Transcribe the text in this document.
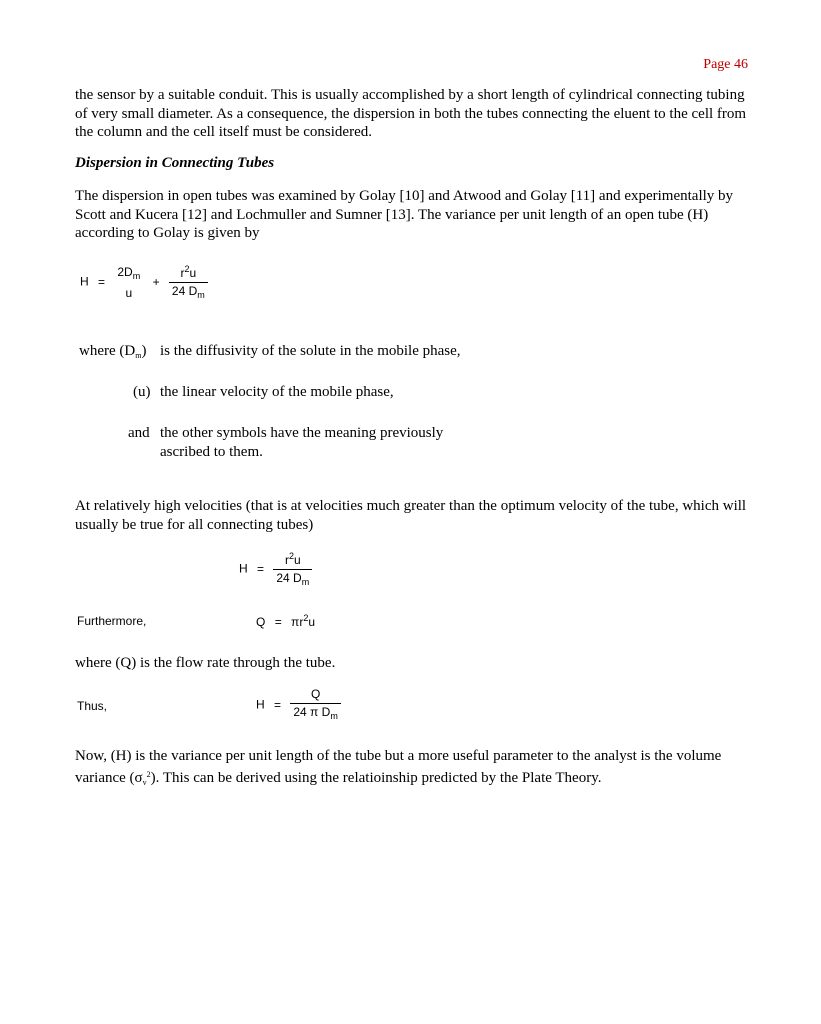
Page 46
the sensor by a suitable conduit. This is usually accomplished by a short length of cylindrical connecting tubing of very small diameter. As a consequence, the dispersion in both the tubes connecting the eluent to the cell from the column and the cell itself must be considered.
Dispersion in Connecting Tubes
The dispersion in open tubes was examined by Golay [10] and Atwood and Golay [11] and experimentally by Scott and Kucera [12] and Lochmuller and Sumner [13]. The variance per unit length of an open tube (H) according to Golay is given by
H =
$2D_m$
u
+ $\frac{r^2u}{24 D_m}$
where $(D_m)$ is the diffusivity of the solute in the mobile phase,
(u) the linear velocity of the mobile phase,
and the other symbols have the meaning previously ascribed to them.
At relatively high velocities (that is at velocities much greater than the optimum velocity of the tube, which will usually be true for all connecting tubes)
$H = \frac{r^2u}{24 D_m}$
Furthermore,	$Q = \pi r^2u$
where (Q) is the flow rate through the tube.
Thus,	$H = \frac{Q}{24 \pi D_m}$
Now, (H) is the variance per unit length of the tube but a more useful parameter to the analyst is the volume variance $(\sigma_v^2)$. This can be derived using the relatioinship predicted by the Plate Theory.
